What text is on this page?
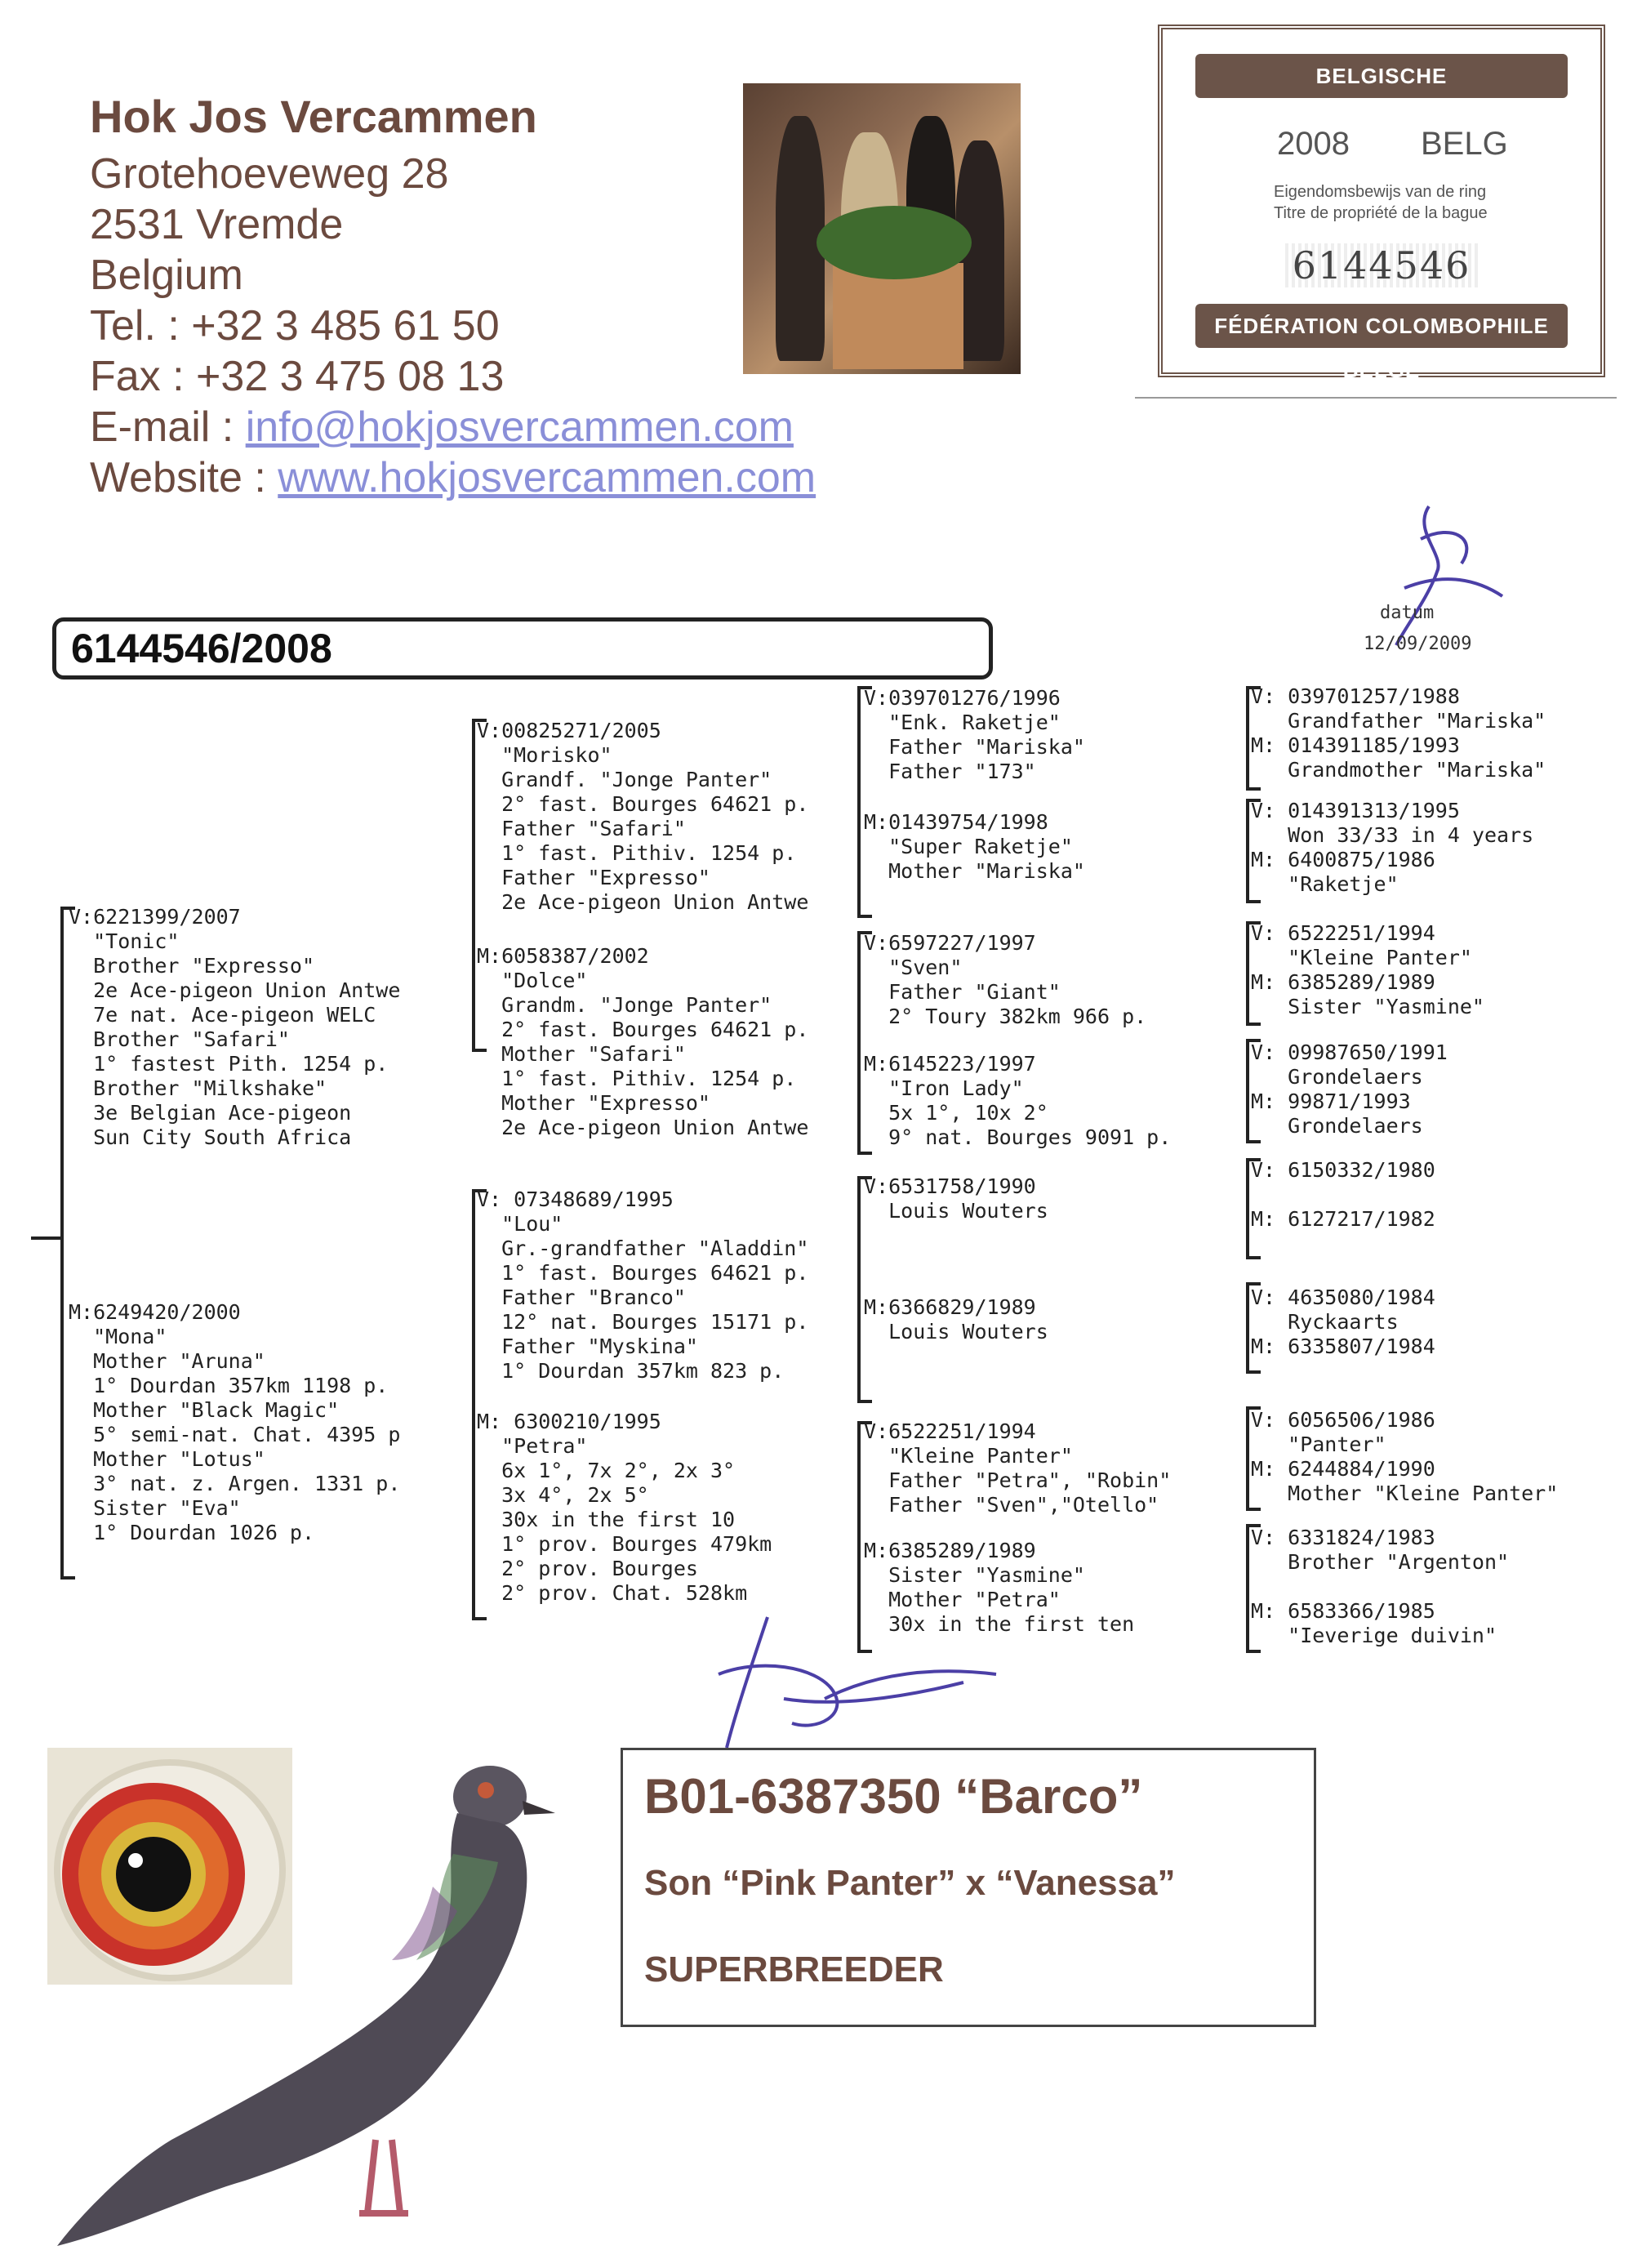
Hok Jos Vercammen
Grotehoeveweg 28
2531 Vremde
Belgium
Tel. : +32 3 485 61 50
Fax : +32 3 475 08 13
E-mail : info@hokjosvercammen.com
Website : www.hokjosvercammen.com
BELGISCHE DUIVENLIEFHEBBERSBOND
2008 BELG
Eigendomsbewijs van de ring
Titre de propriété de la bague
6144546
FÉDÉRATION COLOMBOPHILE BELGE
datum
12/09/2009
6144546/2008
V:6221399/2007
"Tonic"
Brother "Expresso"
2e Ace-pigeon Union Antwe
7e nat. Ace-pigeon WELC
Brother "Safari"
1° fastest Pith. 1254 p.
Brother "Milkshake"
3e Belgian Ace-pigeon
Sun City South Africa
M:6249420/2000
"Mona"
Mother "Aruna"
1° Dourdan 357km 1198 p.
Mother "Black Magic"
5° semi-nat. Chat. 4395 p
Mother "Lotus"
3° nat. z. Argen. 1331 p.
Sister "Eva"
1° Dourdan 1026 p.
V:00825271/2005
"Morisko"
Grandf. "Jonge Panter"
2° fast. Bourges 64621 p.
Father "Safari"
1° fast. Pithiv. 1254 p.
Father "Expresso"
2e Ace-pigeon Union Antwe
M:6058387/2002
"Dolce"
Grandm. "Jonge Panter"
2° fast. Bourges 64621 p.
Mother "Safari"
1° fast. Pithiv. 1254 p.
Mother "Expresso"
2e Ace-pigeon Union Antwe
V: 07348689/1995
"Lou"
Gr.-grandfather "Aladdin"
1° fast. Bourges 64621 p.
Father "Branco"
12° nat. Bourges 15171 p.
Father "Myskina"
1° Dourdan 357km 823 p.
M: 6300210/1995
"Petra"
6x 1°, 7x 2°, 2x 3°
3x 4°, 2x 5°
30x in the first 10
1° prov. Bourges 479km
2° prov. Bourges
2° prov. Chat. 528km
V:039701276/1996
"Enk. Raketje"
Father "Mariska"
Father "173"
M:01439754/1998
"Super Raketje"
Mother "Mariska"
V:6597227/1997
"Sven"
Father "Giant"
2° Toury 382km 966 p.
M:6145223/1997
"Iron Lady"
5x 1°, 10x 2°
9° nat. Bourges 9091 p.
V:6531758/1990
Louis Wouters
M:6366829/1989
Louis Wouters
V:6522251/1994
"Kleine Panter"
Father "Petra", "Robin"
Father "Sven","Otello"
M:6385289/1989
Sister "Yasmine"
Mother "Petra"
30x in the first ten
V: 039701257/1988
Grandfather "Mariska"
M: 014391185/1993
Grandmother "Mariska"
V: 014391313/1995
Won 33/33 in 4 years
M: 6400875/1986
"Raketje"
V: 6522251/1994
"Kleine Panter"
M: 6385289/1989
Sister "Yasmine"
V: 09987650/1991
Grondelaers
M: 99871/1993
Grondelaers
V: 6150332/1980

M: 6127217/1982
V: 4635080/1984
Ryckaarts
M: 6335807/1984
V: 6056506/1986
"Panter"
M: 6244884/1990
Mother "Kleine Panter"
V: 6331824/1983
Brother "Argenton"

M: 6583366/1985
"Ieverige duivin"
B01-6387350 “Barco”
Son “Pink Panter” x “Vanessa”
SUPERBREEDER
